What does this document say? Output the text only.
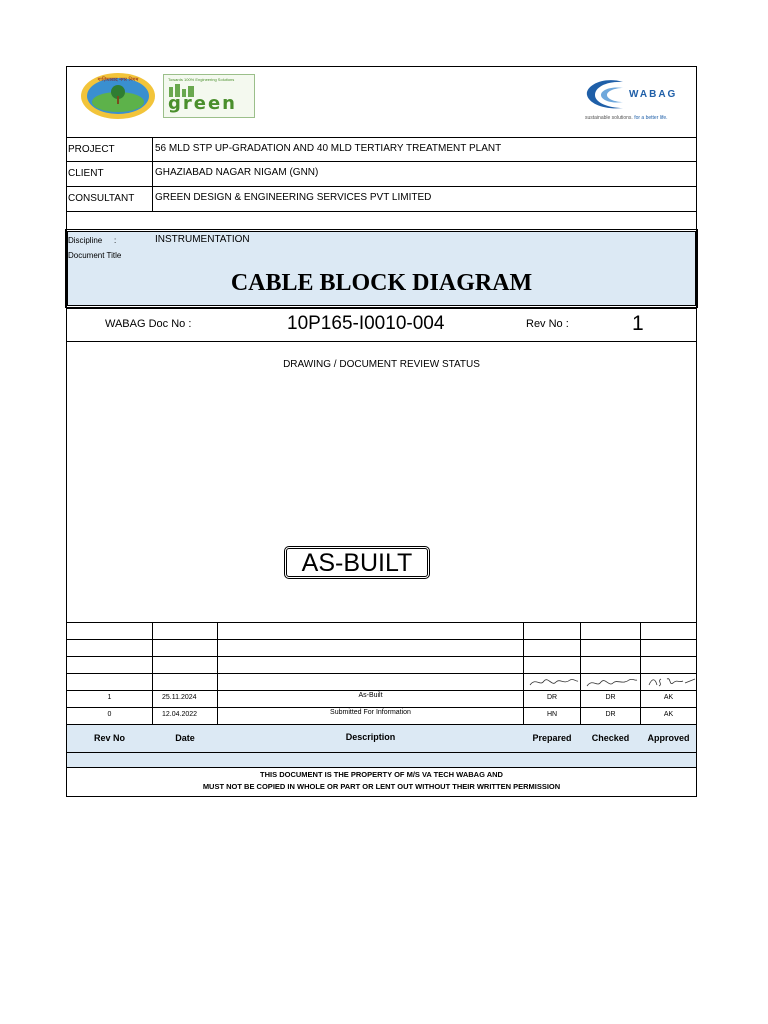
गाज़ियाबाद नगर निगम	Towards 100% Engineering Solutions
green	WABAG
sustainable solutions. for a better life.
PROJECT	56 MLD STP UP-GRADATION AND 40 MLD TERTIARY TREATMENT PLANT
CLIENT	GHAZIABAD NAGAR NIGAM (GNN)
CONSULTANT GREEN DESIGN & ENGINEERING SERVICES PVT LIMITED
Discipline :	INSTRUMENTATION
Document Title
CABLE BLOCK DIAGRAM
WABAG Doc No :	10P165-I0010-004	Rev No :	1
DRAWING / DOCUMENT REVIEW STATUS
AS-BUILT
1	25.11.2024	As-Built	DR	DR	AK
0	12.04.2022	Submitted For Information	HN	DR	AK
Rev No	Date	Description	Prepared	Checked	Approved
THIS DOCUMENT IS THE PROPERTY OF M/S VA TECH WABAG AND
MUST NOT BE COPIED IN WHOLE OR PART OR LENT OUT WITHOUT THEIR WRITTEN PERMISSION
